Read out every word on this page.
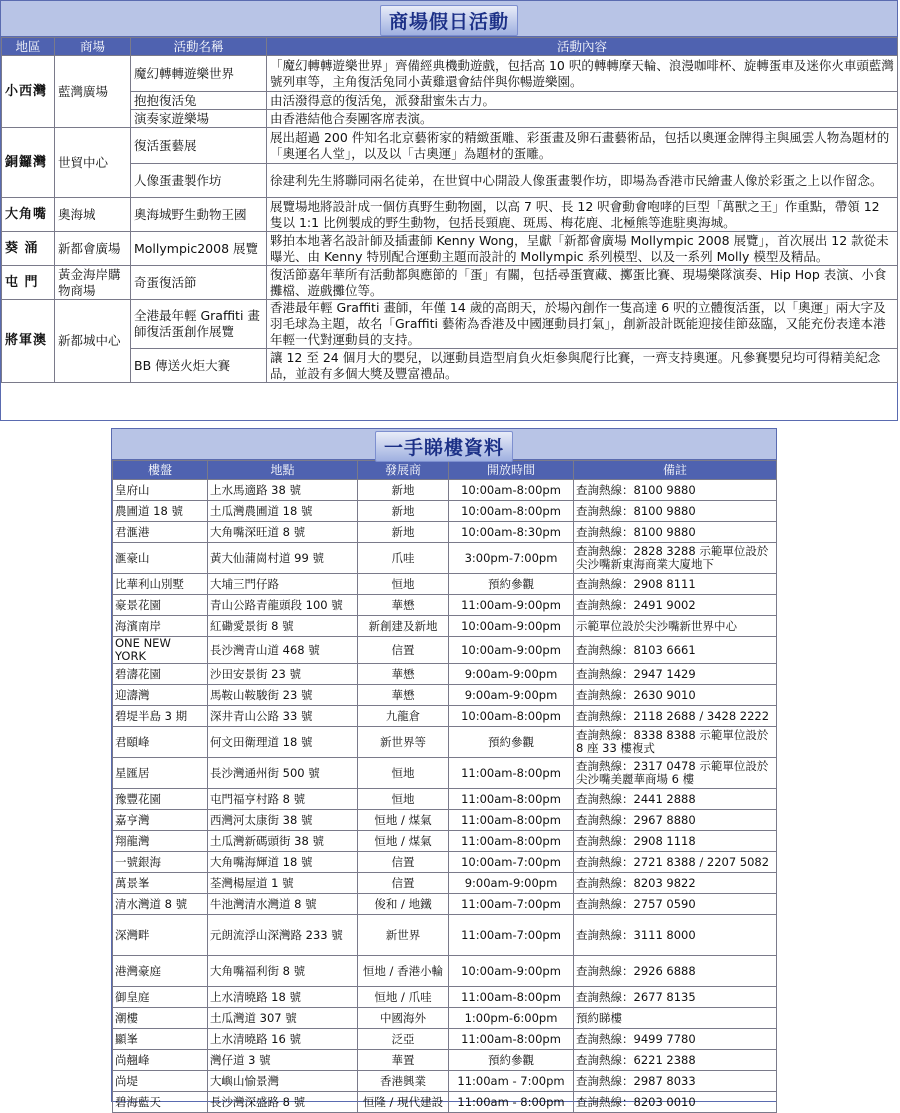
商場假日活動
地區	商場	活動名稱	活動內容
小西灣	藍灣廣場	魔幻轉轉遊樂世界	「魔幻轉轉遊樂世界」齊備經典機動遊戲，包括高 10 呎的轉轉摩天輪、浪漫咖啡杯、旋轉蛋車及迷你火車頭藍灣號列車等，主角復活兔同小黃雞還會結伴與你暢遊樂園。
		抱抱復活兔	由活潑得意的復活兔，派發甜蜜朱古力。
		演奏家遊樂場	由香港結他合奏團客席表演。
銅鑼灣	世貿中心	復活蛋藝展	展出超過 200 件知名北京藝術家的精緻蛋雕、彩蛋畫及卵石畫藝術品，包括以奧運金牌得主與風雲人物為題材的「奧運名人堂」，以及以「古奧運」為題材的蛋雕。
		人像蛋畫製作坊	徐建利先生將聯同兩名徒弟，在世貿中心開設人像蛋畫製作坊，即場為香港市民繪畫人像於彩蛋之上以作留念。
大角嘴	奧海城	奧海城野生動物王國	展覽場地將設計成一個仿真野生動物園，以高 7 呎、長 12 呎會動會咆哮的巨型「萬獸之王」作重點，帶領 12 隻以 1:1 比例製成的野生動物，包括長頸鹿、斑馬、梅花鹿、北極熊等進駐奧海城。
葵 涌	新都會廣場	Mollympic2008 展覽	夥拍本地著名設計師及插畫師 Kenny Wong，呈獻「新都會廣場 Mollympic 2008 展覽」，首次展出 12 款從未曝光、由 Kenny 特別配合運動主題而設計的 Mollympic 系列模型、以及一系列 Molly 模型及精品。
屯 門	黃金海岸購物商場	奇蛋復活節	復活節嘉年華所有活動都與應節的「蛋」有關，包括尋蛋寶藏、擲蛋比賽、現場樂隊演奏、Hip Hop 表演、小食攤檔、遊戲攤位等。
將軍澳	新都城中心	全港最年輕 Graffiti 畫師復活蛋創作展覽	香港最年輕 Graffiti 畫師，年僅 14 歲的高朗天，於場內創作一隻高達 6 呎的立體復活蛋，以「奧運」兩大字及羽毛球為主題，故名「Graffiti 藝術為香港及中國運動員打氣」，創新設計既能迎接佳節茲臨，又能充份表達本港年輕一代對運動員的支持。
		BB 傳送火炬大賽	讓 12 至 24 個月大的嬰兒，以運動員造型肩負火炬參與爬行比賽，一齊支持奧運。凡參賽嬰兒均可得精美紀念品，並設有多個大獎及豐富禮品。
一手睇樓資料
樓盤	地點	發展商	開放時間	備註
皇府山	上水馬適路 38 號	新地	10:00am-8:00pm	查詢熱線：8100 9880
農圃道 18 號	土瓜灣農圃道 18 號	新地	10:00am-8:00pm	查詢熱線：8100 9880
君滙港	大角嘴深旺道 8 號	新地	10:00am-8:30pm	查詢熱線：8100 9880
滙豪山	黃大仙蒲崗村道 99 號	爪哇	3:00pm-7:00pm	查詢熱線：2828 3288 示範單位設於尖沙嘴新東海商業大廈地下
比華利山別墅	大埔三門仔路	恒地	預約參觀	查詢熱線：2908 8111
豪景花園	青山公路青龍頭段 100 號	華懋	11:00am-9:00pm	查詢熱線：2491 9002
海濱南岸	紅磡愛景街 8 號	新創建及新地	10:00am-9:00pm	示範單位設於尖沙嘴新世界中心
ONE NEW YORK	長沙灣青山道 468 號	信置	10:00am-9:00pm	查詢熱線：8103 6661
碧濤花園	沙田安景街 23 號	華懋	9:00am-9:00pm	查詢熱線：2947 1429
迎濤灣	馬鞍山鞍駿街 23 號	華懋	9:00am-9:00pm	查詢熱線：2630 9010
碧堤半島 3 期	深井青山公路 33 號	九龍倉	10:00am-8:00pm	查詢熱線：2118 2688 / 3428 2222
君頤峰	何文田衛理道 18 號	新世界等	預約參觀	查詢熱線：8338 8388 示範單位設於 8 座 33 樓複式
星匯居	長沙灣通州街 500 號	恒地	11:00am-8:00pm	查詢熱線：2317 0478 示範單位設於尖沙嘴美麗華商場 6 樓
豫豐花園	屯門福亨村路 8 號	恒地	11:00am-8:00pm	查詢熱線：2441 2888
嘉亨灣	西灣河太康街 38 號	恒地 / 煤氣	11:00am-8:00pm	查詢熱線：2967 8880
翔龍灣	土瓜灣新碼頭街 38 號	恒地 / 煤氣	11:00am-8:00pm	查詢熱線：2908 1118
一號銀海	大角嘴海輝道 18 號	信置	10:00am-7:00pm	查詢熱線：2721 8388 / 2207 5082
萬景峯	荃灣楊屋道 1 號	信置	9:00am-9:00pm	查詢熱線：8203 9822
清水灣道 8 號	牛池灣清水灣道 8 號	俊和 / 地鐵	11:00am-7:00pm	查詢熱線：2757 0590
深灣畔	元朗流浮山深灣路 233 號	新世界	11:00am-7:00pm	查詢熱線：3111 8000
港灣豪庭	大角嘴福利街 8 號	恒地 / 香港小輪	10:00am-9:00pm	查詢熱線：2926 6888
御皇庭	上水清曉路 18 號	恒地 / 爪哇	11:00am-8:00pm	查詢熱線：2677 8135
潮樓	土瓜灣道 307 號	中國海外	1:00pm-6:00pm	預約睇樓
顯峯	上水清曉路 16 號	泛亞	11:00am-8:00pm	查詢熱線：9499 7780
尚翹峰	灣仔道 3 號	華置	預約參觀	查詢熱線：6221 2388
尚堤	大嶼山愉景灣	香港興業	11:00am - 7:00pm	查詢熱線：2987 8033
碧海藍天	長沙灣深盛路 8 號	恒隆 / 現代建設	11:00am - 8:00pm	查詢熱線：8203 0010
